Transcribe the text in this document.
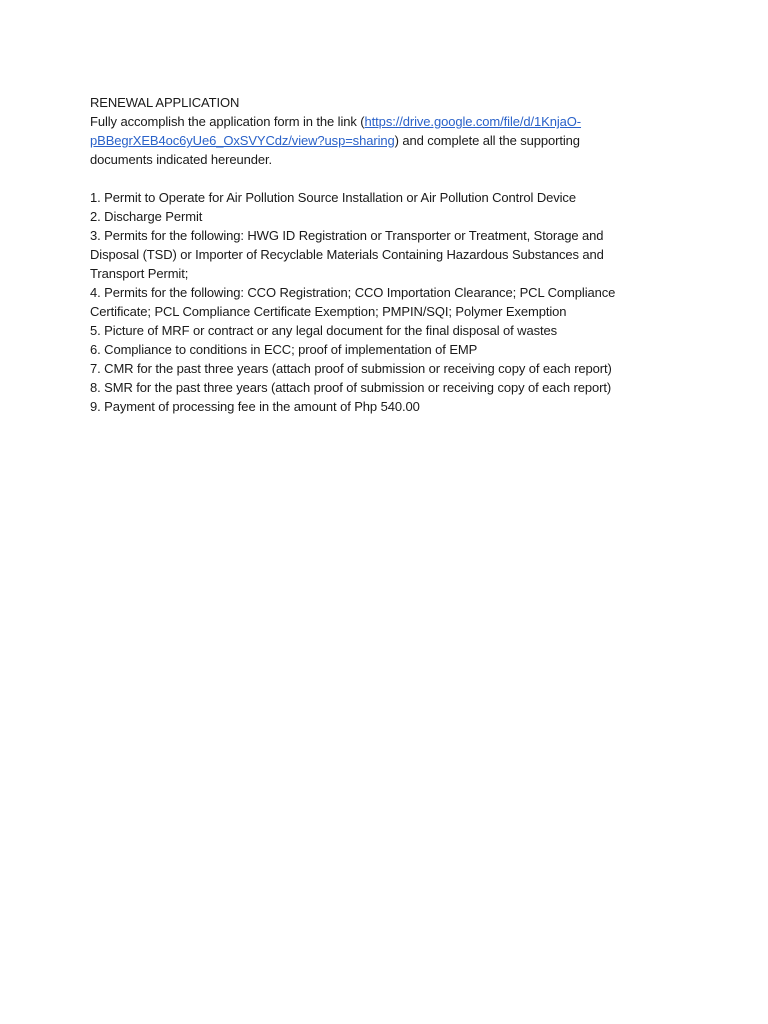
RENEWAL APPLICATION
Fully accomplish the application form in the link (https://drive.google.com/file/d/1KnjaO-
pBBegrXEB4oc6yUe6_OxSVYCdz/view?usp=sharing) and complete all the supporting
documents indicated hereunder.
1. Permit to Operate for Air Pollution Source Installation or Air Pollution Control Device
2. Discharge Permit
3. Permits for the following: HWG ID Registration or Transporter or Treatment, Storage and
Disposal (TSD) or Importer of Recyclable Materials Containing Hazardous Substances and
Transport Permit;
4. Permits for the following: CCO Registration; CCO Importation Clearance; PCL Compliance
Certificate; PCL Compliance Certificate Exemption; PMPIN/SQI; Polymer Exemption
5. Picture of MRF or contract or any legal document for the final disposal of wastes
6. Compliance to conditions in ECC; proof of implementation of EMP
7. CMR for the past three years (attach proof of submission or receiving copy of each report)
8. SMR for the past three years (attach proof of submission or receiving copy of each report)
9. Payment of processing fee in the amount of Php 540.00
